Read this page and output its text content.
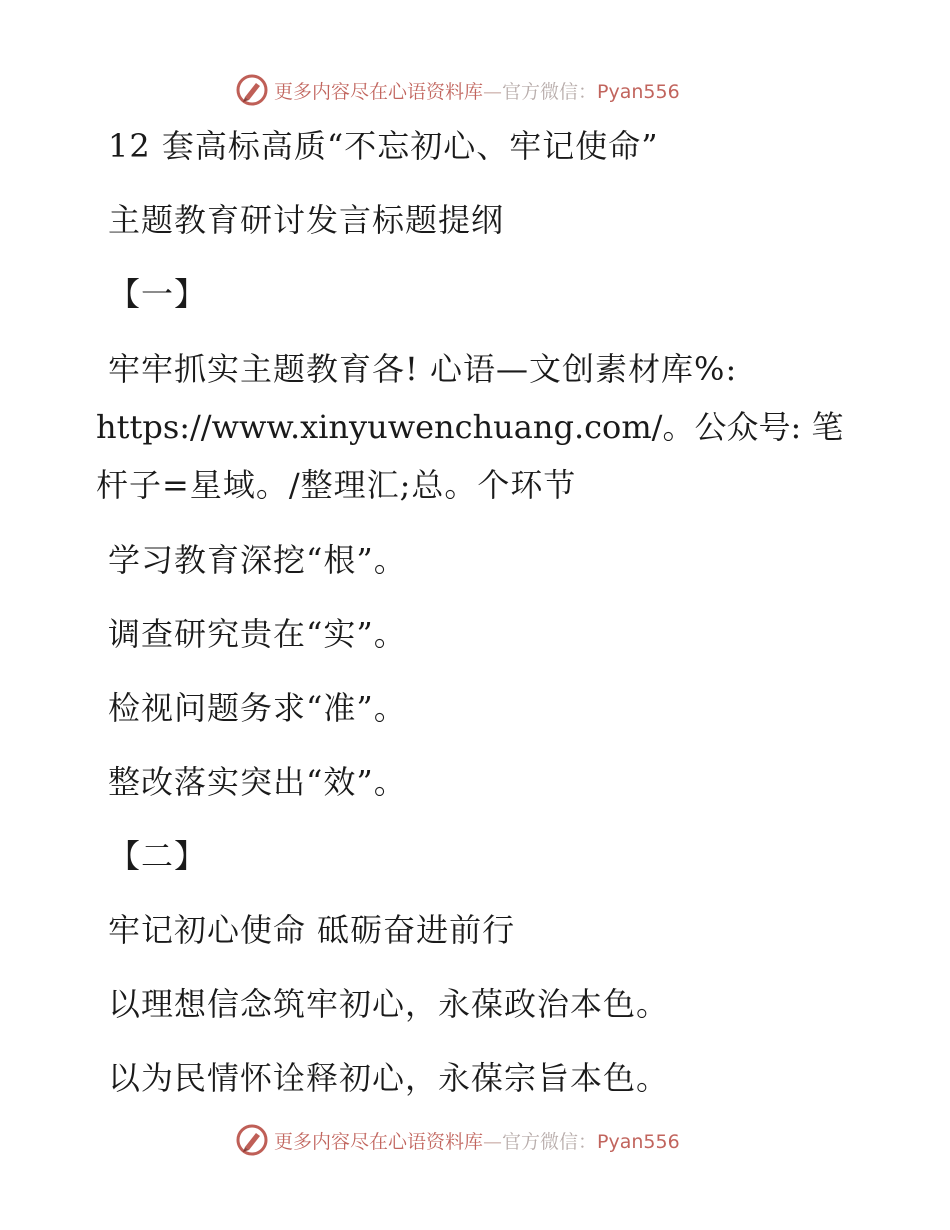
更多内容尽在心语资料库—官方微信：Pyan556
12 套高标高质“不忘初心、牢记使命”
主题教育研讨发言标题提纲
【一】
牢牢抓实主题教育各! 心语—文创素材库%:
https://www.xinyuwenchuang.com/。公众号: 笔
杆子=星域。/整理汇;总。个环节
学习教育深挖“根”。
调查研究贵在“实”。
检视问题务求“准”。
整改落实突出“效”。
【二】
牢记初心使命 砥砺奋进前行
以理想信念筑牢初心，永葆政治本色。
以为民情怀诠释初心，永葆宗旨本色。
更多内容尽在心语资料库—官方微信：Pyan556
